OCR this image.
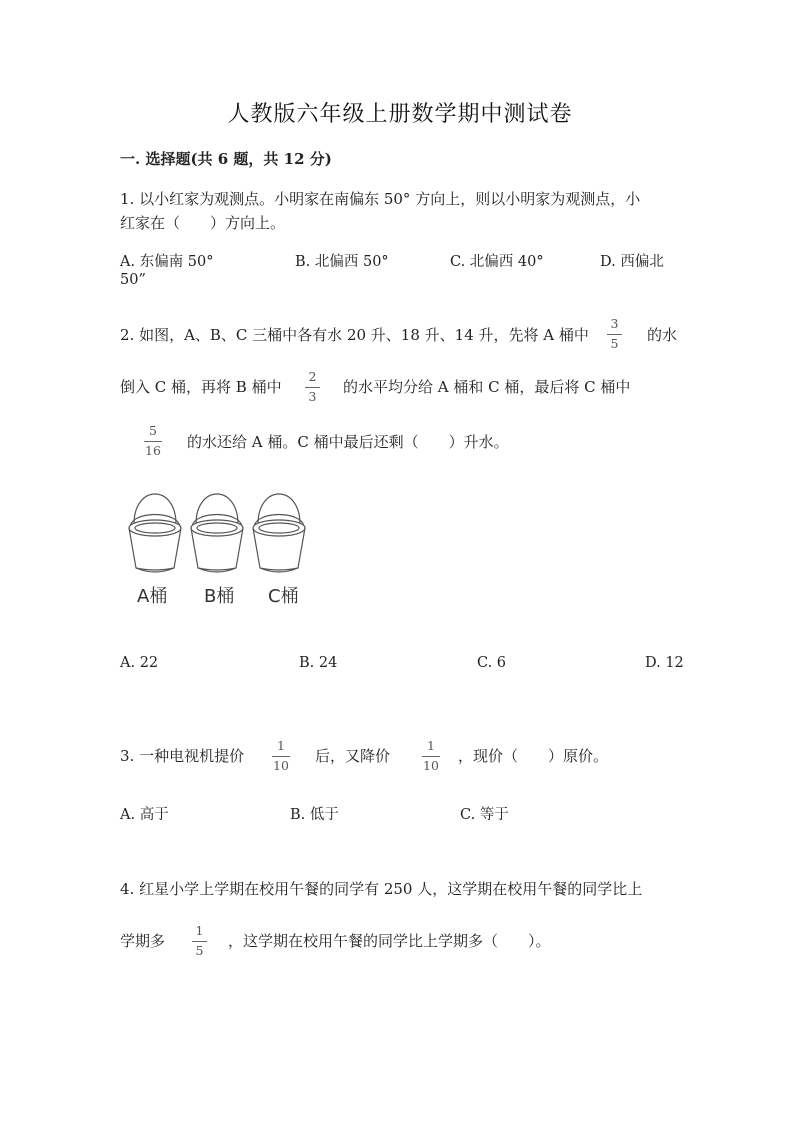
人教版六年级上册数学期中测试卷
一. 选择题(共 6 题，共 12 分)
1. 以小红家为观测点。小明家在南偏东 50° 方向上，则以小明家为观测点，小
红家在（　　）方向上。
A. 东偏南 50°	B. 北偏西 50°	C. 北偏西 40°	D. 西偏北
50”
2. 如图，A、B、C 三桶中各有水 20 升、18 升、14 升，先将 A 桶中
3
5 的水
倒入 C 桶，再将 B 桶中
2
3 的水平均分给 A 桶和 C 桶，最后将 C 桶中
5
16 的水还给 A 桶。C 桶中最后还剩（　　）升水。
A桶 B桶 C桶
A. 22	B. 24	C. 6	D. 12
3. 一种电视机提价
1
10 后，又降价
1
10 ，现价（　　）原价。
A. 高于	B. 低于	C. 等于
4. 红星小学上学期在校用午餐的同学有 250 人，这学期在校用午餐的同学比上
学期多
1
5 ，这学期在校用午餐的同学比上学期多（　　）。
